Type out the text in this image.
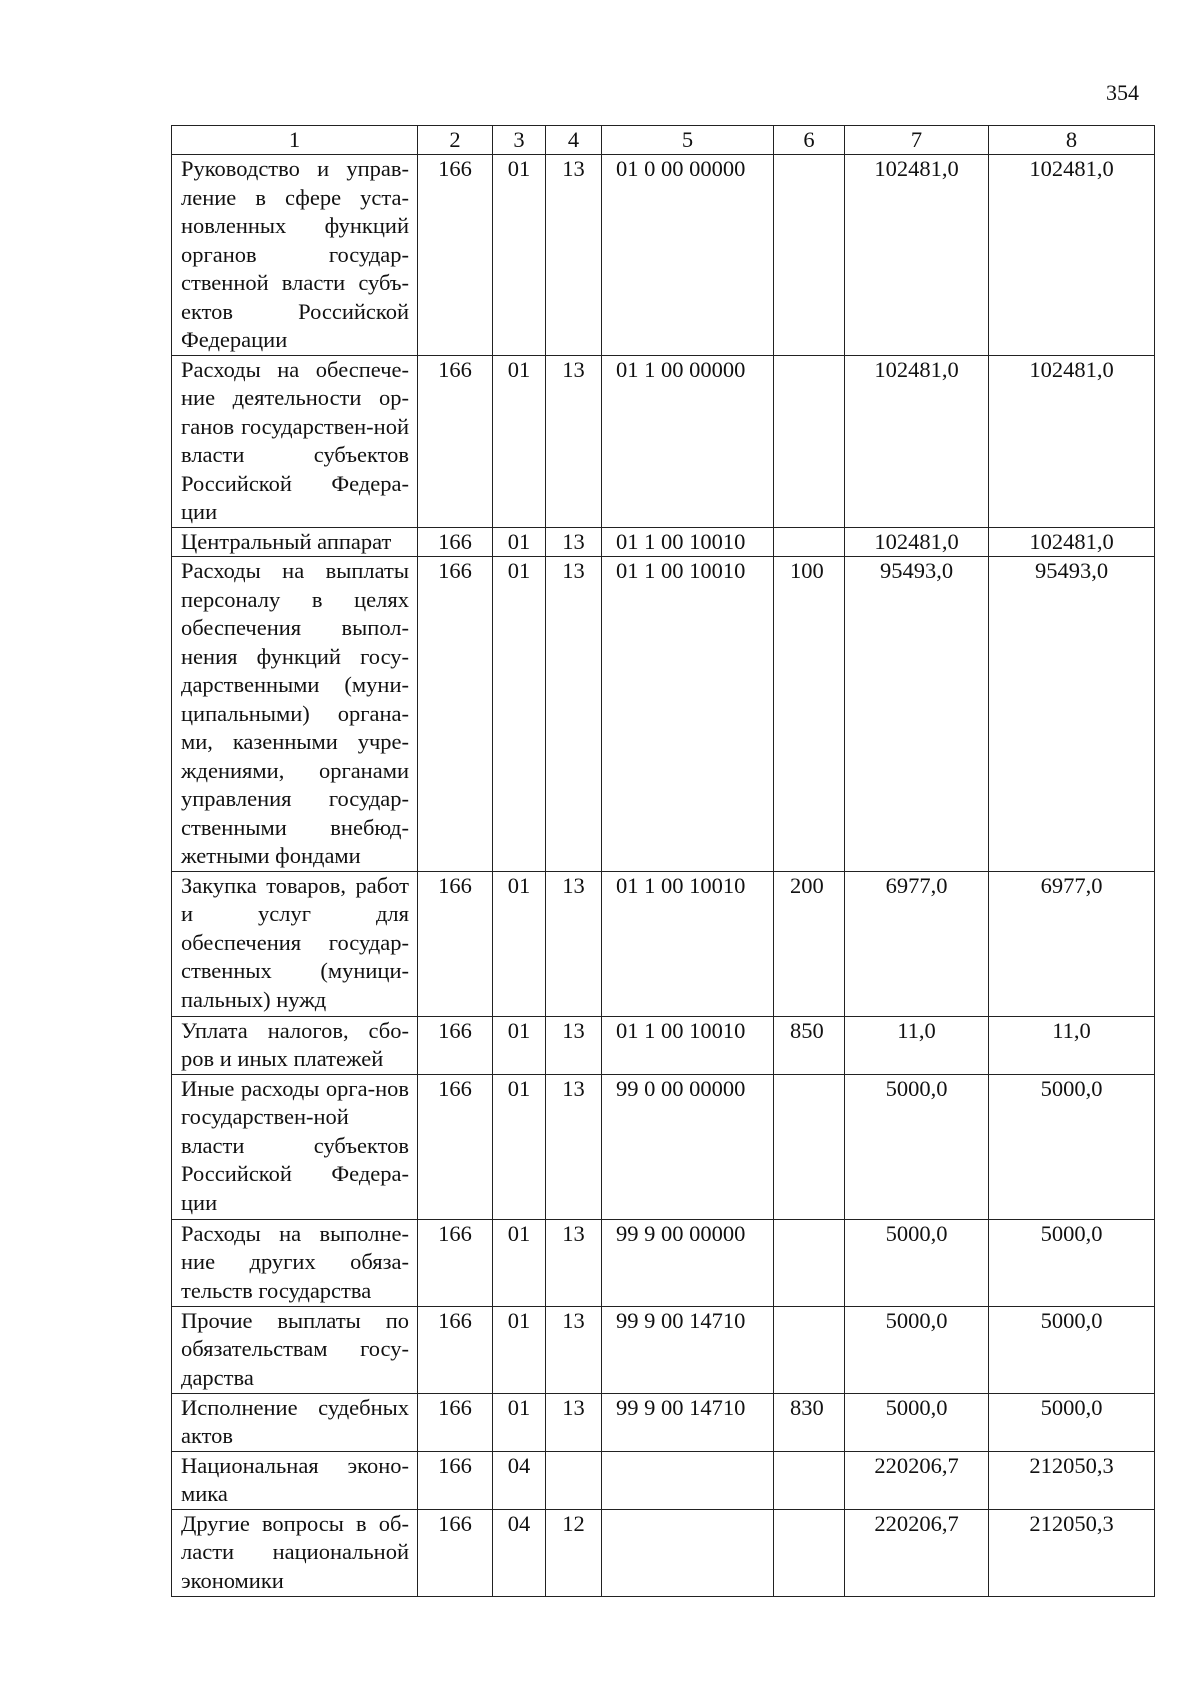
354
1	2	3	4	5	6	7	8
Руководство и управ-ление в сфере уста-новленных функций органов государ-ственной власти субъ-ектов Российской Федерации	166	01	13	01 0 00 00000		102481,0	102481,0
Расходы на обеспече-ние деятельности ор-ганов государствен-ной власти субъектов Российской Федера-ции	166	01	13	01 1 00 00000		102481,0	102481,0
Центральный аппарат	166	01	13	01 1 00 10010		102481,0	102481,0
Расходы на выплаты персоналу в целях обеспечения выпол-нения функций госу-дарственными (муни-ципальными) органа-ми, казенными учре-ждениями, органами управления государ-ственными внебюд-жетными фондами	166	01	13	01 1 00 10010	100	95493,0	95493,0
Закупка товаров, работ и услуг для обеспечения государ-ственных (муници-пальных) нужд	166	01	13	01 1 00 10010	200	6977,0	6977,0
Уплата налогов, сбо-ров и иных платежей	166	01	13	01 1 00 10010	850	11,0	11,0
Иные расходы орга-нов государствен-ной власти субъектов Российской Федера-ции	166	01	13	99 0 00 00000		5000,0	5000,0
Расходы на выполне-ние других обяза-тельств государства	166	01	13	99 9 00 00000		5000,0	5000,0
Прочие выплаты по обязательствам госу-дарства	166	01	13	99 9 00 14710		5000,0	5000,0
Исполнение судебных актов	166	01	13	99 9 00 14710	830	5000,0	5000,0
Национальная эконо-мика	166	04				220206,7	212050,3
Другие вопросы в об-ласти национальной экономики	166	04	12			220206,7	212050,3
